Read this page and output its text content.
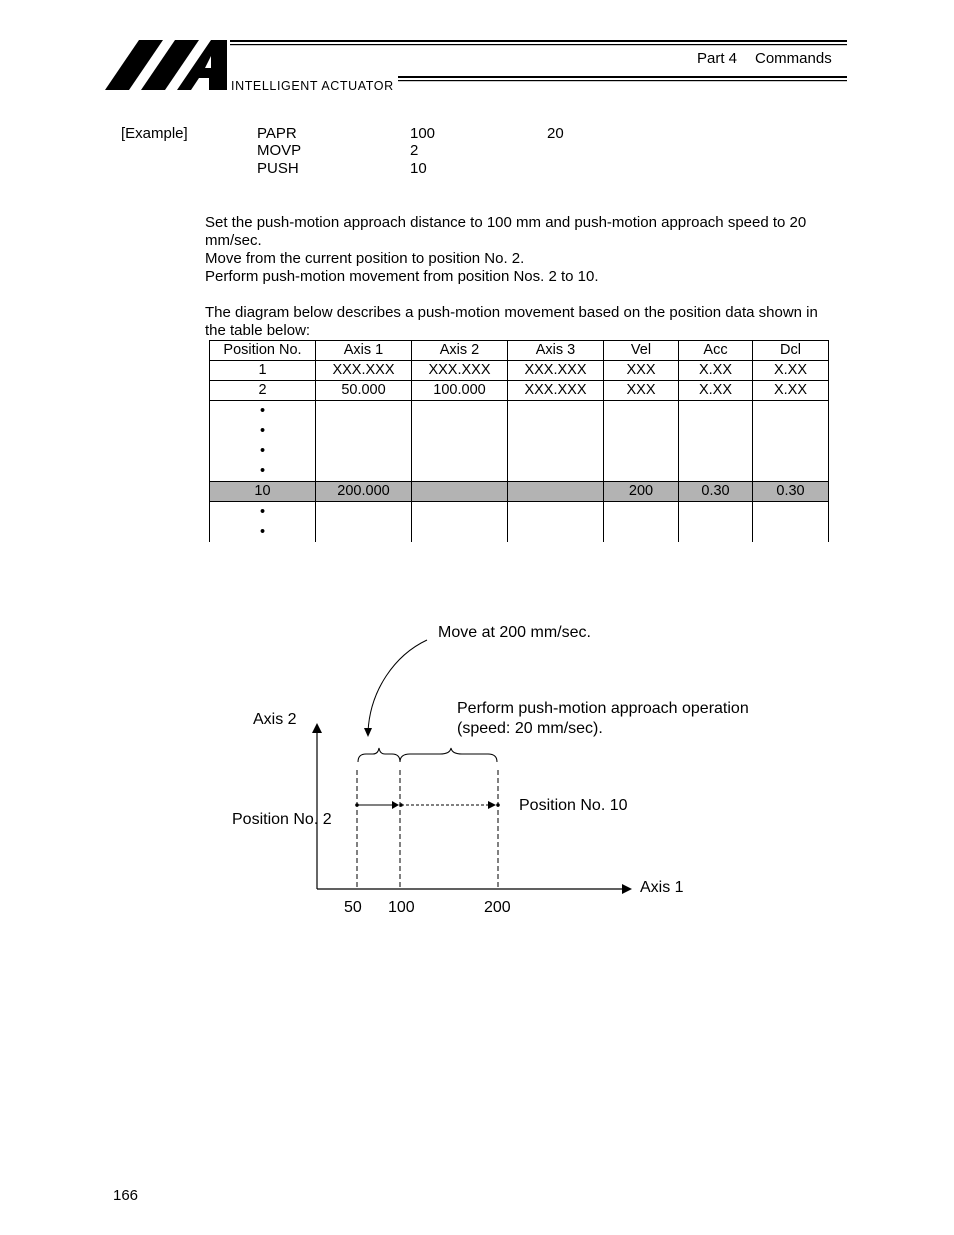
INTELLIGENT ACTUATOR
Part 4 Commands
[Example]	PAPR	100	20
MOVP	2
PUSH	10
Set the push-motion approach distance to 100 mm and push-motion approach speed to 20
mm/sec.
Move from the current position to position No. 2.
Perform push-motion movement from position Nos. 2 to 10.
The diagram below describes a push-motion movement based on the position data shown in
the table below:
Position No.	Axis 1	Axis 2	Axis 3	Vel	Acc	Dcl
1	XXX.XXX	XXX.XXX	XXX.XXX	XXX	X.XX	X.XX
2	50.000	100.000	XXX.XXX	XXX	X.XX	X.XX

•
•
•
•						

10	200.000			200	0.30	0.30

•
•						

Move at 200 mm/sec.
Perform push-motion approach operation
(speed: 20 mm/sec).
Axis 2
Axis 1
Position No. 2
Position No. 10
50 100	200
166
